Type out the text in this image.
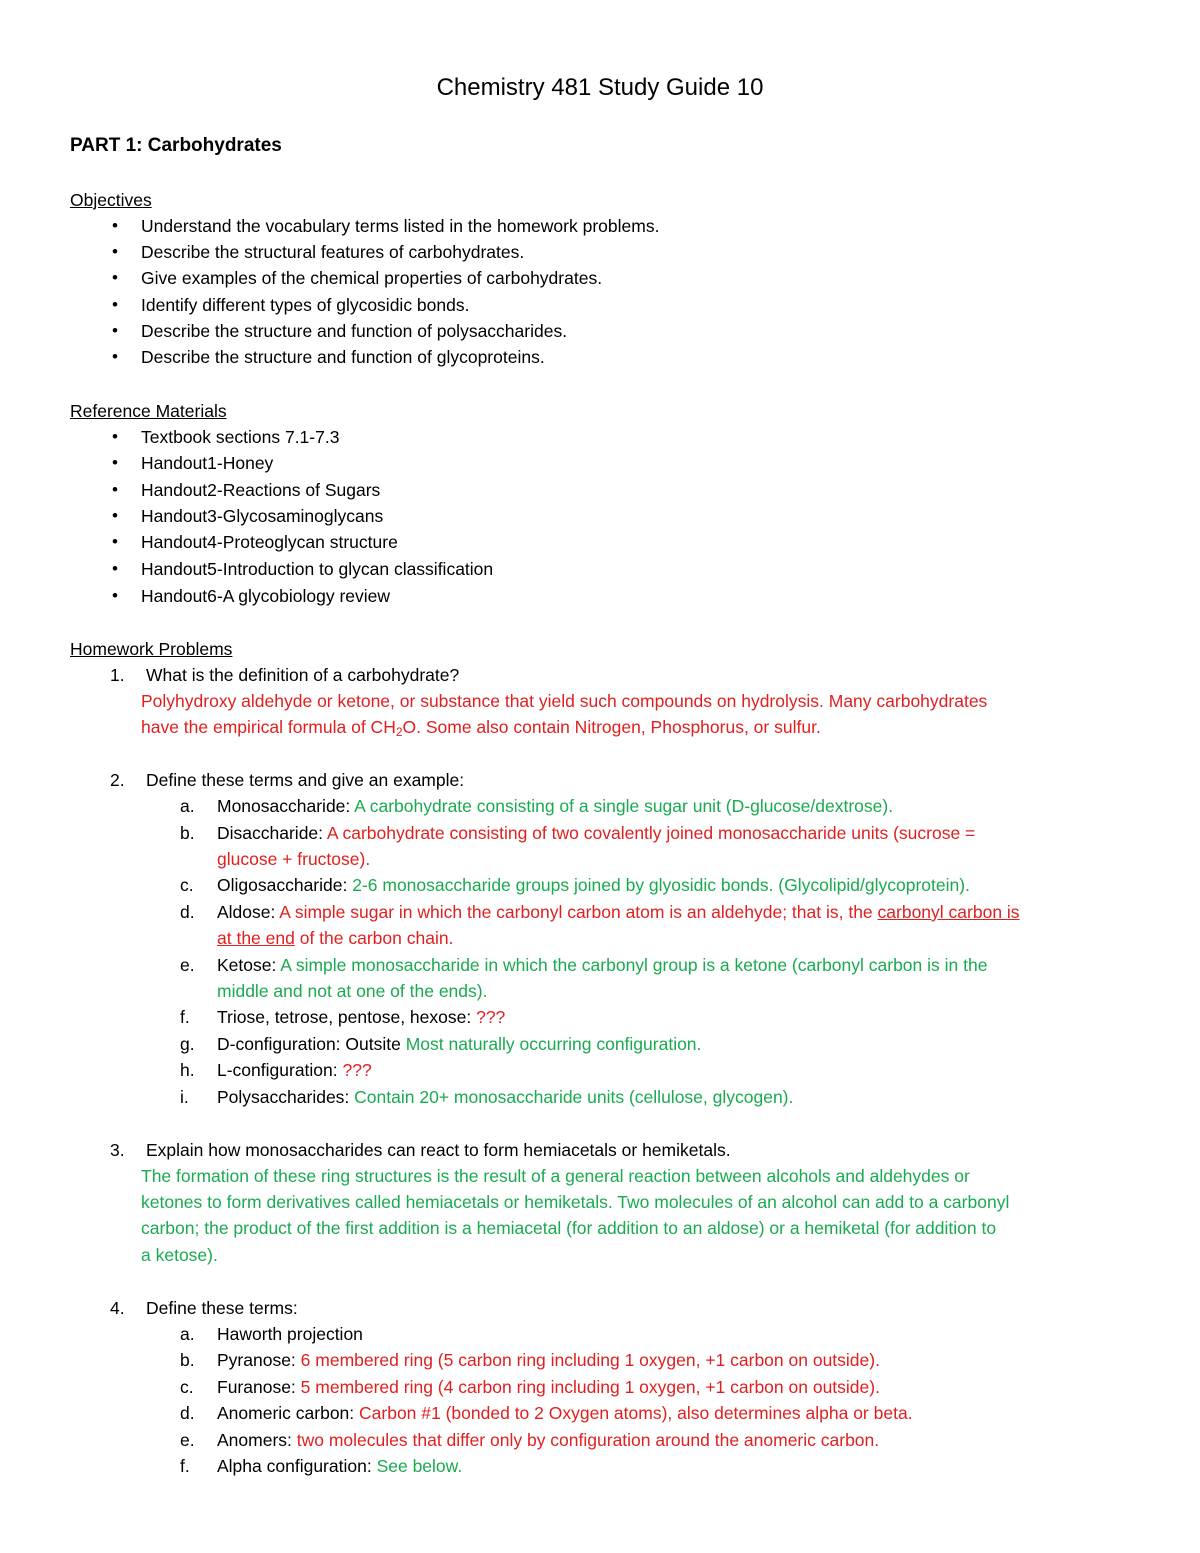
Chemistry 481 Study Guide 10
PART 1: Carbohydrates
Objectives
• Understand the vocabulary terms listed in the homework problems.
• Describe the structural features of carbohydrates.
• Give examples of the chemical properties of carbohydrates.
• Identify different types of glycosidic bonds.
• Describe the structure and function of polysaccharides.
• Describe the structure and function of glycoproteins.
Reference Materials
• Textbook sections 7.1-7.3
• Handout1-Honey
• Handout2-Reactions of Sugars
• Handout3-Glycosaminoglycans
• Handout4-Proteoglycan structure
• Handout5-Introduction to glycan classification
• Handout6-A glycobiology review
Homework Problems
1. What is the definition of a carbohydrate?
Polyhydroxy aldehyde or ketone, or substance that yield such compounds on hydrolysis. Many carbohydrates
have the empirical formula of CH2O. Some also contain Nitrogen, Phosphorus, or sulfur.
2. Define these terms and give an example:
a. Monosaccharide: A carbohydrate consisting of a single sugar unit (D-glucose/dextrose).
b. Disaccharide: A carbohydrate consisting of two covalently joined monosaccharide units (sucrose =
glucose + fructose).
c. Oligosaccharide: 2-6 monosaccharide groups joined by glyosidic bonds. (Glycolipid/glycoprotein).
d. Aldose: A simple sugar in which the carbonyl carbon atom is an aldehyde; that is, the carbonyl carbon is
at the end of the carbon chain.
e. Ketose: A simple monosaccharide in which the carbonyl group is a ketone (carbonyl carbon is in the
middle and not at one of the ends).
f. Triose, tetrose, pentose, hexose: ???
g. D-configuration: Outsite Most naturally occurring configuration.
h. L-configuration: ???
i. Polysaccharides: Contain 20+ monosaccharide units (cellulose, glycogen).
3. Explain how monosaccharides can react to form hemiacetals or hemiketals.
The formation of these ring structures is the result of a general reaction between alcohols and aldehydes or
ketones to form derivatives called hemiacetals or hemiketals. Two molecules of an alcohol can add to a carbonyl
carbon; the product of the first addition is a hemiacetal (for addition to an aldose) or a hemiketal (for addition to
a ketose).
4. Define these terms:
a. Haworth projection
b. Pyranose: 6 membered ring (5 carbon ring including 1 oxygen, +1 carbon on outside).
c. Furanose: 5 membered ring (4 carbon ring including 1 oxygen, +1 carbon on outside).
d. Anomeric carbon: Carbon #1 (bonded to 2 Oxygen atoms), also determines alpha or beta.
e. Anomers: two molecules that differ only by configuration around the anomeric carbon.
f. Alpha configuration: See below.
